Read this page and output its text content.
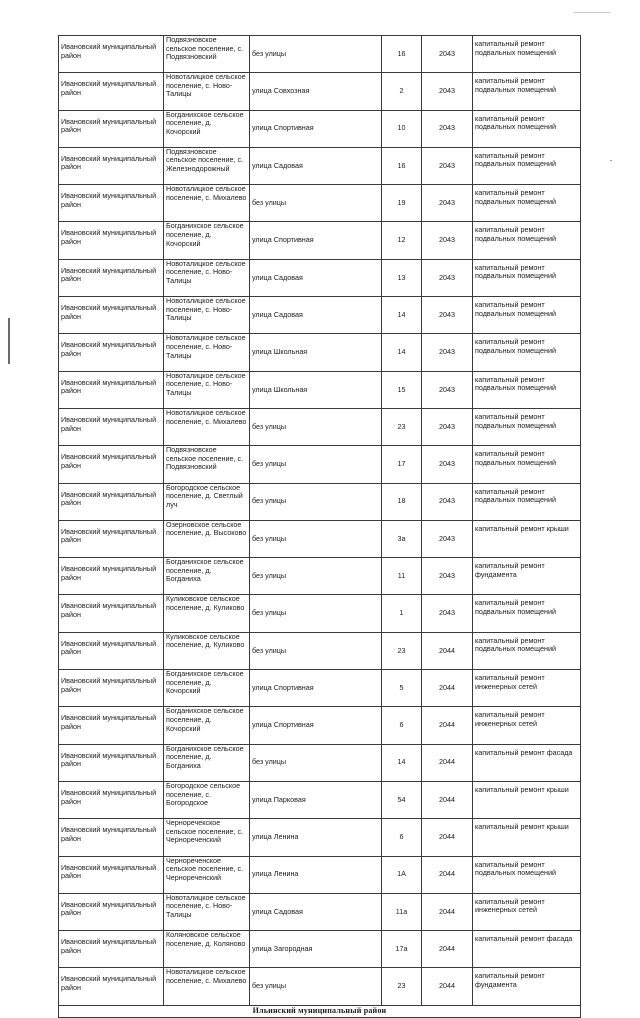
Ивановский муниципальный район	Подвязновское сельское поселение, с. Подвязновский	без улицы	16	2043	капитальный ремонт подвальных помещений
Ивановский муниципальный район	Новоталицкое сельское поселение, с. Ново-Талицы	улица Совхозная	2	2043	капитальный ремонт подвальных помещений
Ивановский муниципальный район	Богданихское сельское поселение, д. Кочорский	улица Спортивная	10	2043	капитальный ремонт подвальных помещений
Ивановский муниципальный район	Подвязновское сельское поселение, с. Железнодорожный	улица Садовая	16	2043	капитальный ремонт подвальных помещений
Ивановский муниципальный район	Новоталицкое сельское поселение, с. Михалево	без улицы	19	2043	капитальный ремонт подвальных помещений
Ивановский муниципальный район	Богданихское сельское поселение, д. Кочорский	улица Спортивная	12	2043	капитальный ремонт подвальных помещений
Ивановский муниципальный район	Новоталицкое сельское поселение, с. Ново-Талицы	улица Садовая	13	2043	капитальный ремонт подвальных помещений
Ивановский муниципальный район	Новоталицкое сельское поселение, с. Ново-Талицы	улица Садовая	14	2043	капитальный ремонт подвальных помещений
Ивановский муниципальный район	Новоталицкое сельское поселение, с. Ново-Талицы	улица Школьная	14	2043	капитальный ремонт подвальных помещений
Ивановский муниципальный район	Новоталицкое сельское поселение, с. Ново-Талицы	улица Школьная	15	2043	капитальный ремонт подвальных помещений
Ивановский муниципальный район	Новоталицкое сельское поселение, с. Михалево	без улицы	23	2043	капитальный ремонт подвальных помещений
Ивановский муниципальный район	Подвязновское сельское поселение, с. Подвязновский	без улицы	17	2043	капитальный ремонт подвальных помещений
Ивановский муниципальный район	Богородское сельское поселение, д. Светлый луч	без улицы	18	2043	капитальный ремонт подвальных помещений
Ивановский муниципальный район	Озерновское сельское поселение, д. Высоково	без улицы	3а	2043	капитальный ремонт крыши
Ивановский муниципальный район	Богданихское сельское поселение, д. Богданиха	без улицы	11	2043	капитальный ремонт фундамента
Ивановский муниципальный район	Куликовское сельское поселение, д. Куликово	без улицы	1	2043	капитальный ремонт подвальных помещений
Ивановский муниципальный район	Куликовское сельское поселение, д. Куликово	без улицы	23	2044	капитальный ремонт подвальных помещений
Ивановский муниципальный район	Богданихское сельское поселение, д. Кочорский	улица Спортивная	5	2044	капитальный ремонт инженерных сетей
Ивановский муниципальный район	Богданихское сельское поселение, д. Кочорский	улица Спортивная	6	2044	капитальный ремонт инженерных сетей
Ивановский муниципальный район	Богданихское сельское поселение, д. Богданиха	без улицы	14	2044	капитальный ремонт фасада
Ивановский муниципальный район	Богородское сельское поселение, с. Богородское	улица Парковая	54	2044	капитальный ремонт крыши
Ивановский муниципальный район	Черноречекское сельское поселение, с. Чернореченский	улица Ленина	6	2044	капитальный ремонт крыши
Ивановский муниципальный район	Чернореченское сельское поселение, с. Чернореченский	улица Ленина	1А	2044	капитальный ремонт подвальных помещений
Ивановский муниципальный район	Новоталицкое сельское поселение, с. Ново-Талицы	улица Садовая	11а	2044	капитальный ремонт инженерных сетей
Ивановский муниципальный район	Коляновское сельское поселение, д. Коляново	улица Загородная	17а	2044	капитальный ремонт фасада
Ивановский муниципальный район	Новоталицкое сельское поселение, с. Михалево	без улицы	23	2044	капитальный ремонт фундамента
Ильинский муниципальный район					
